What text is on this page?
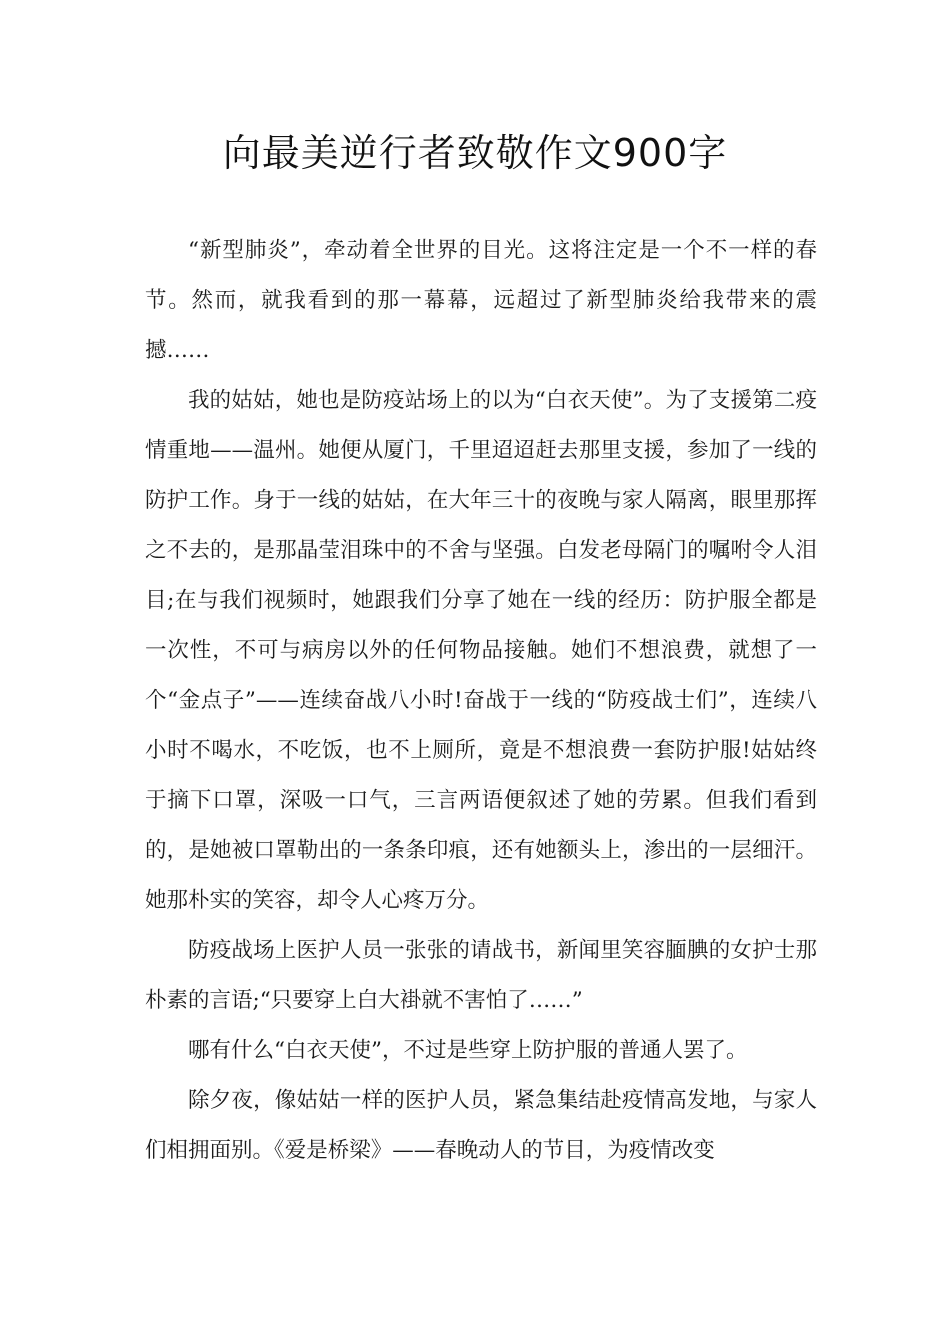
向最美逆行者致敬作文900字

“新型肺炎”，牵动着全世界的目光。这将注定是一个不一样的春节。然而，就我看到的那一幕幕，远超过了新型肺炎给我带来的震撼……

我的姑姑，她也是防疫站场上的以为“白衣天使”。为了支援第二疫情重地——温州。她便从厦门，千里迢迢赶去那里支援，参加了一线的防护工作。身于一线的姑姑，在大年三十的夜晚与家人隔离，眼里那挥之不去的，是那晶莹泪珠中的不舍与坚强。白发老母隔门的嘱咐令人泪目;在与我们视频时，她跟我们分享了她在一线的经历：防护服全都是一次性，不可与病房以外的任何物品接触。她们不想浪费，就想了一个“金点子”——连续奋战八小时!奋战于一线的“防疫战士们”，连续八小时不喝水，不吃饭，也不上厕所，竟是不想浪费一套防护服!姑姑终于摘下口罩，深吸一口气，三言两语便叙述了她的劳累。但我们看到的，是她被口罩勒出的一条条印痕，还有她额头上，渗出的一层细汗。她那朴实的笑容，却令人心疼万分。

防疫战场上医护人员一张张的请战书，新闻里笑容腼腆的女护士那朴素的言语;“只要穿上白大褂就不害怕了……”

哪有什么“白衣天使”，不过是些穿上防护服的普通人罢了。

除夕夜，像姑姑一样的医护人员，紧急集结赴疫情高发地，与家人们相拥面别。《爱是桥梁》——春晚动人的节目，为疫情改变
